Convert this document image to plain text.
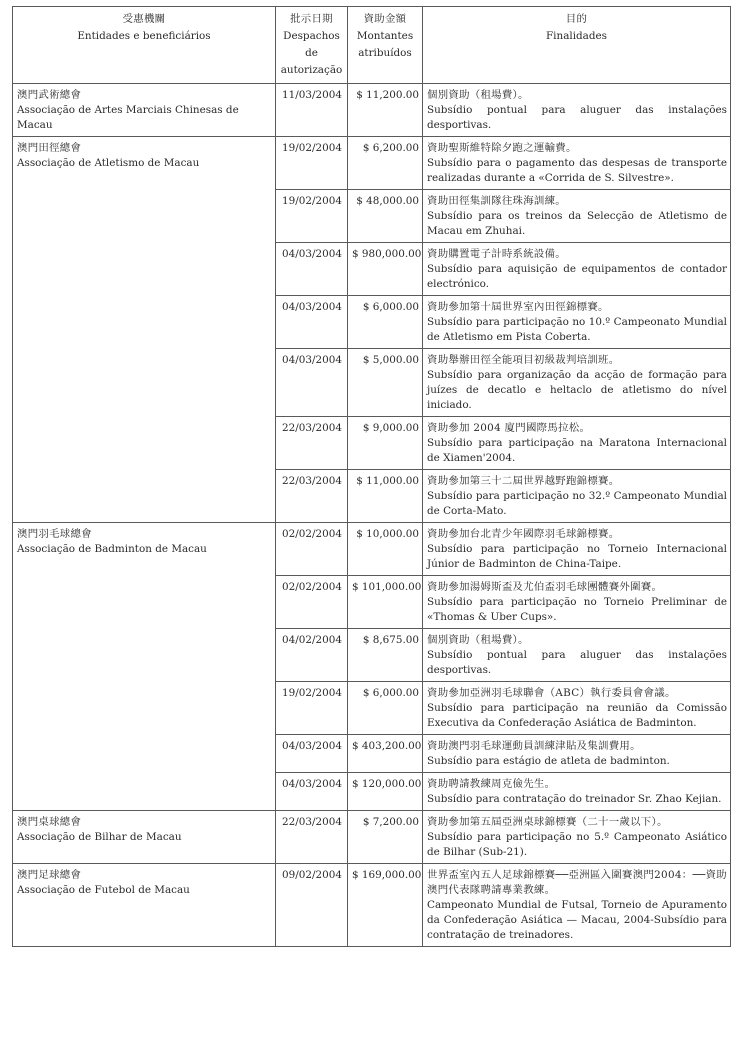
受惠機關
Entidades e beneficiários	批示日期
Despachos de
autorização	資助金額
Montantes
atribuídos	目的
Finalidades

澳門武術總會
Associação de Artes Marciais Chinesas de Macau	11/03/2004	$ 11,200.00	個別資助（租場費）。
Subsídio pontual para aluguer das instalações desportivas.

澳門田徑總會
Associação de Atletismo de Macau	19/02/2004	$ 6,200.00	資助聖斯維特除夕跑之運輸費。
Subsídio para o pagamento das despesas de transporte realizadas durante a «Corrida de S. Silvestre».

	19/02/2004	$ 48,000.00	資助田徑集訓隊往珠海訓練。
Subsídio para os treinos da Selecção de Atletismo de Macau em Zhuhai.

	04/03/2004	$ 980,000.00	資助購置電子計時系統設備。
Subsídio para aquisição de equipamentos de contador electrónico.

	04/03/2004	$ 6,000.00	資助參加第十屆世界室內田徑錦標賽。
Subsídio para participação no 10.º Campeonato Mundial de Atletismo em Pista Coberta.

	04/03/2004	$ 5,000.00	資助舉辦田徑全能項目初級裁判培訓班。
Subsídio para organização da acção de formação para juízes de decatlo e heltaclo de atletismo do nível iniciado.

	22/03/2004	$ 9,000.00	資助參加 2004 廈門國際馬拉松。
Subsídio para participação na Maratona Internacional de Xiamen'2004.

	22/03/2004	$ 11,000.00	資助參加第三十二屆世界越野跑錦標賽。
Subsídio para participação no 32.º Campeonato Mundial de Corta-Mato.

澳門羽毛球總會
Associação de Badminton de Macau	02/02/2004	$ 10,000.00	資助參加台北青少年國際羽毛球錦標賽。
Subsídio para participação no Torneio Internacional Júnior de Badminton de China-Taipe.

	02/02/2004	$ 101,000.00	資助參加湯姆斯盃及尤伯盃羽毛球團體賽外圍賽。
Subsídio para participação no Torneio Preliminar de «Thomas & Uber Cups».

	04/02/2004	$ 8,675.00	個別資助（租場費）。
Subsídio pontual para aluguer das instalações desportivas.

	19/02/2004	$ 6,000.00	資助參加亞洲羽毛球聯會（ABC）執行委員會會議。
Subsídio para participação na reunião da Comissão Executiva da Confederação Asiática de Badminton.

	04/03/2004	$ 403,200.00	資助澳門羽毛球運動員訓練津貼及集訓費用。
Subsídio para estágio de atleta de badminton.

	04/03/2004	$ 120,000.00	資助聘請教練周克儉先生。
Subsídio para contratação do treinador Sr. Zhao Kejian.

澳門桌球總會
Associação de Bilhar de Macau	22/03/2004	$ 7,200.00	資助參加第五屆亞洲桌球錦標賽（二十一歲以下）。
Subsídio para participação no 5.º Campeonato Asiático de Bilhar (Sub-21).

澳門足球總會
Associação de Futebol de Macau	09/02/2004	$ 169,000.00	世界盃室內五人足球錦標賽──亞洲區入圍賽澳門2004：──資助澳門代表隊聘請專業教練。
Campeonato Mundial de Futsal, Torneio de Apuramento da Confederação Asiática — Macau, 2004-Subsídio para contratação de treinadores.
